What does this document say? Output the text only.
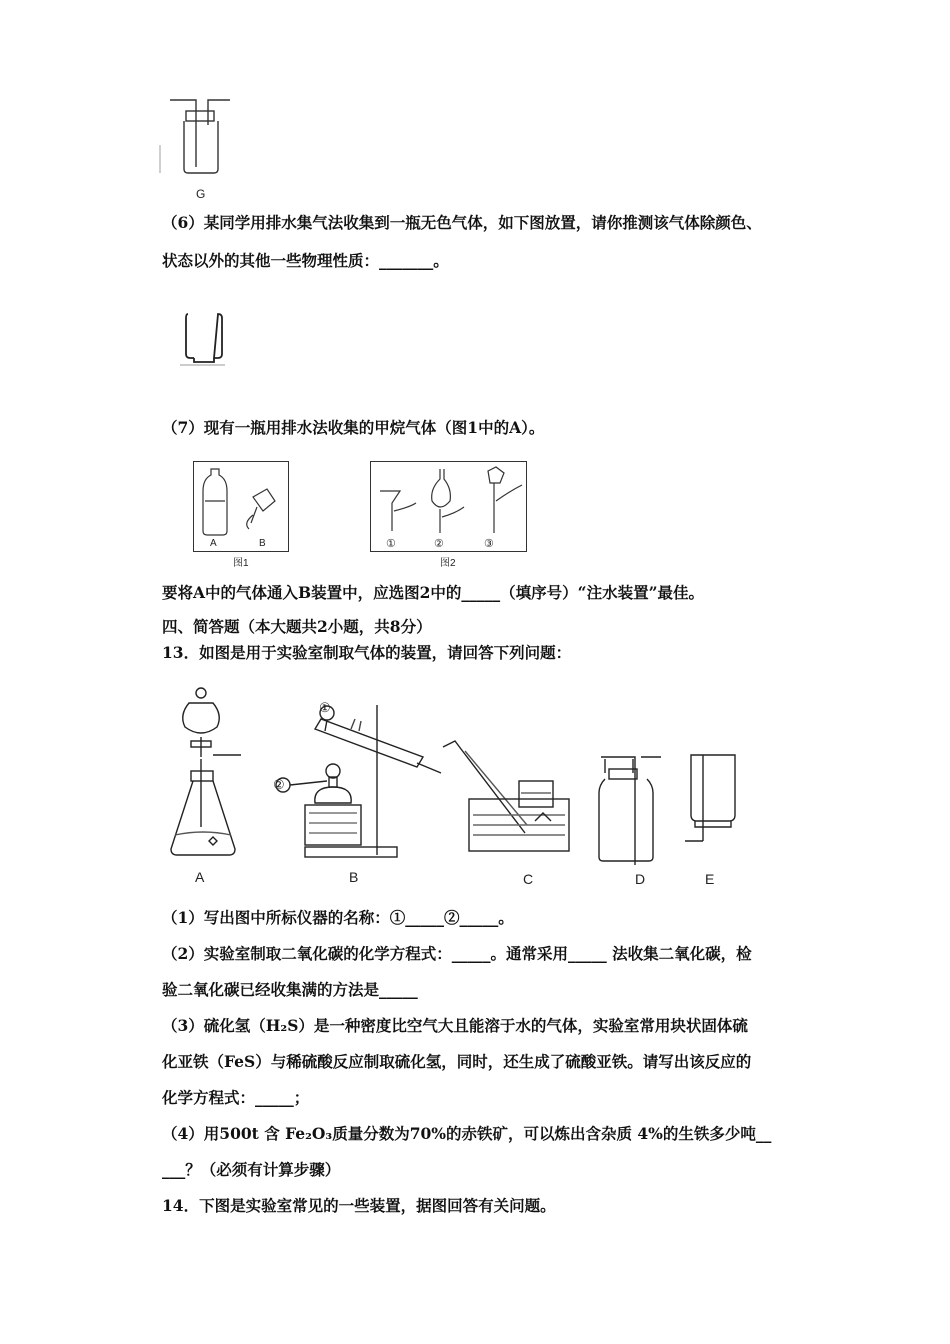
G
（6）某同学用排水集气法收集到一瓶无色气体，如下图放置，请你推测该气体除颜色、
状态以外的其他一些物理性质：_______。
（7）现有一瓶用排水法收集的甲烷气体（图1中的A）。
A	B
图1
①	②	③
图2
要将A中的气体通入B装置中，应选图2中的_____（填序号）“注水装置”最佳。
四、简答题（本大题共2小题，共8分）
13．如图是用于实验室制取气体的装置，请回答下列问题：
①
②
A	B	C	D	E
（1）写出图中所标仪器的名称：①_____②_____。
（2）实验室制取二氧化碳的化学方程式：_____。通常采用_____ 法收集二氧化碳，检
验二氧化碳已经收集满的方法是_____
（3）硫化氢（H₂S）是一种密度比空气大且能溶于水的气体，实验室常用块状固体硫
化亚铁（FeS）与稀硫酸反应制取硫化氢，同时，还生成了硫酸亚铁。请写出该反应的
化学方程式：_____；
（4）用500t 含 Fe₂O₃质量分数为70%的赤铁矿，可以炼出含杂质 4%的生铁多少吨__
___？（必须有计算步骤）
14．下图是实验室常见的一些装置，据图回答有关问题。
